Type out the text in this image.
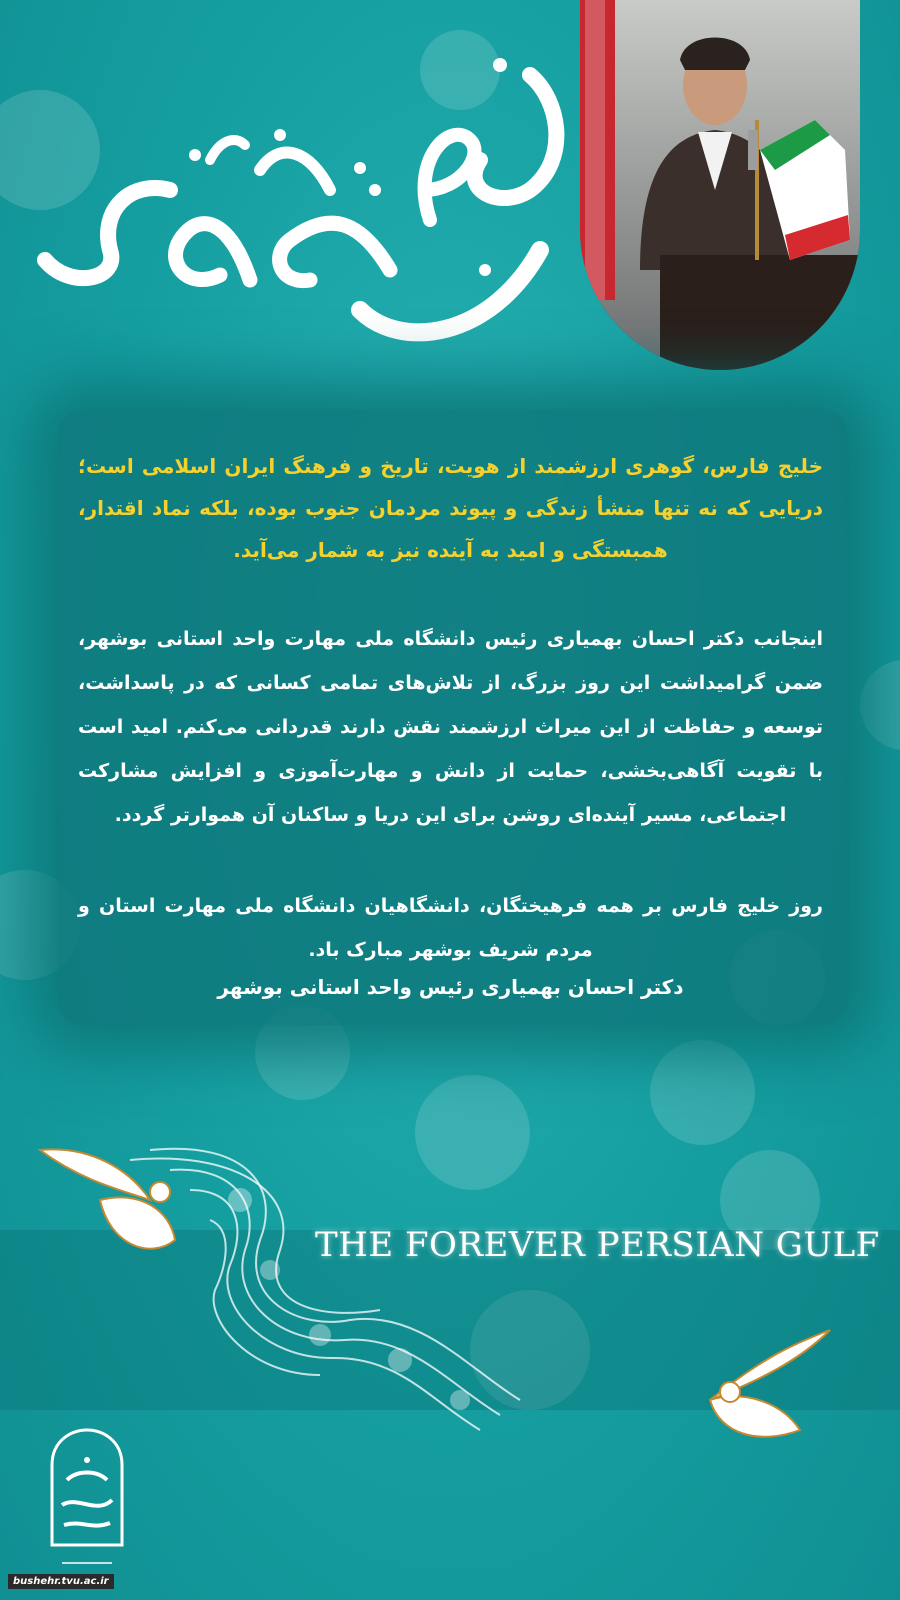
خلیج فارس، گوهری ارزشمند از هویت، تاریخ و فرهنگ ایران اسلامی است؛ دریایی که نه تنها منشأ زندگی و پیوند مردمان جنوب بوده، بلکه نماد اقتدار، همبستگی و امید به آینده نیز به شمار می‌آید.

اینجانب دکتر احسان بهمیاری رئیس دانشگاه ملی مهارت واحد استانی بوشهر، ضمن گرامیداشت این روز بزرگ، از تلاش‌های تمامی کسانی که در پاسداشت، توسعه و حفاظت از این میراث ارزشمند نقش دارند قدردانی می‌کنم. امید است با تقویت آگاهی‌بخشی، حمایت از دانش و مهارت‌آموزی و افزایش مشارکت اجتماعی، مسیر آینده‌ای روشن برای این دریا و ساکنان آن هموارتر گردد.

روز خلیج فارس بر همه فرهیختگان، دانشگاهیان دانشگاه ملی مهارت استان و مردم شریف بوشهر مبارک باد.

دکتر احسان بهمیاری رئیس واحد استانی بوشهر
THE FOREVER PERSIAN GULF
bushehr.tvu.ac.ir
